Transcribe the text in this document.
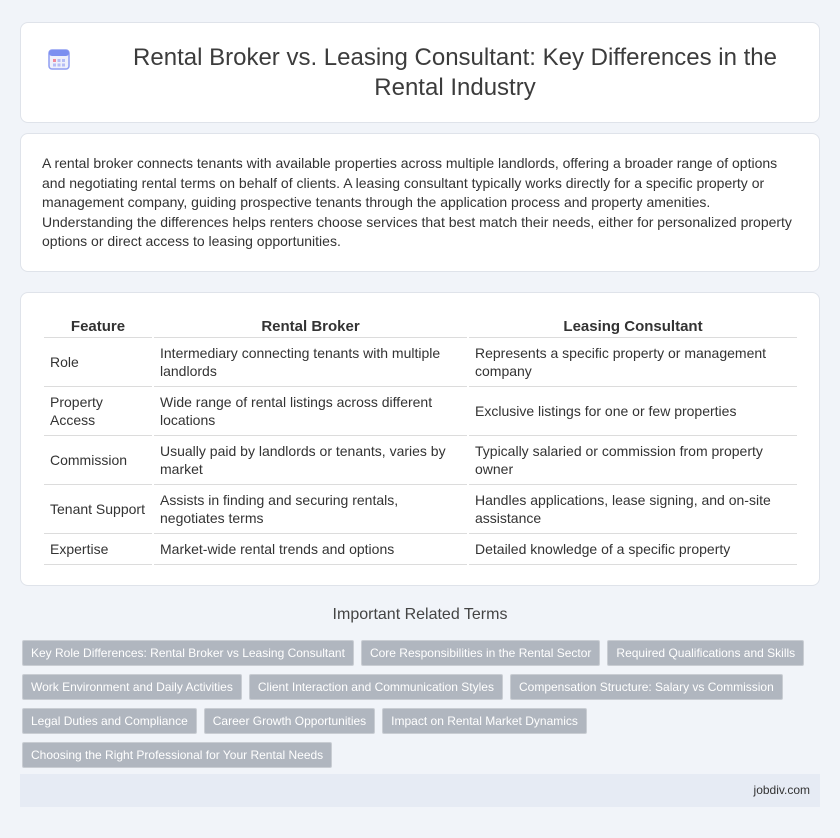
Rental Broker vs. Leasing Consultant: Key Differences in the Rental Industry

A rental broker connects tenants with available properties across multiple landlords, offering a broader range of options and negotiating rental terms on behalf of clients. A leasing consultant typically works directly for a specific property or management company, guiding prospective tenants through the application process and property amenities. Understanding the differences helps renters choose services that best match their needs, either for personalized property options or direct access to leasing opportunities.

Feature	Rental Broker	Leasing Consultant
Role	Intermediary connecting tenants with multiple landlords	Represents a specific property or management company
Property Access	Wide range of rental listings across different locations	Exclusive listings for one or few properties
Commission	Usually paid by landlords or tenants, varies by market	Typically salaried or commission from property owner
Tenant Support	Assists in finding and securing rentals, negotiates terms	Handles applications, lease signing, and on-site assistance
Expertise	Market-wide rental trends and options	Detailed knowledge of a specific property
Important Related Terms
Key Role Differences: Rental Broker vs Leasing Consultant	Core Responsibilities in the Rental Sector	Required Qualifications and Skills
Work Environment and Daily Activities	Client Interaction and Communication Styles	Compensation Structure: Salary vs Commission
Legal Duties and Compliance	Career Growth Opportunities	Impact on Rental Market Dynamics
Choosing the Right Professional for Your Rental Needs
jobdiv.com
